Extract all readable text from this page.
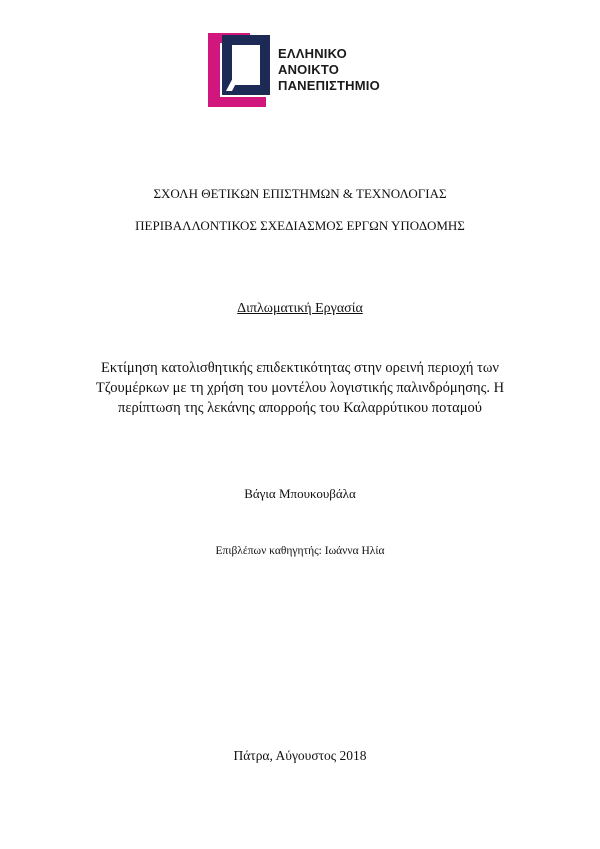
ΕΛΛΗΝΙΚΟ
ΑΝΟΙΚΤΟ
ΠΑΝΕΠΙΣΤΗΜΙΟ
ΣΧΟΛΗ ΘΕΤΙΚΩΝ ΕΠΙΣΤΗΜΩΝ & ΤΕΧΝΟΛΟΓΙΑΣ
ΠΕΡΙΒΑΛΛΟΝΤΙΚΟΣ ΣΧΕΔΙΑΣΜΟΣ ΕΡΓΩΝ ΥΠΟΔΟΜΗΣ
Διπλωματική Εργασία
Εκτίμηση κατολισθητικής επιδεκτικότητας στην ορεινή περιοχή των
Τζουμέρκων με τη χρήση του μοντέλου λογιστικής παλινδρόμησης. Η
περίπτωση της λεκάνης απορροής του Καλαρρύτικου ποταμού
Βάγια Μπουκουβάλα
Επιβλέπων καθηγητής: Ιωάννα Ηλία
Πάτρα, Αύγουστος 2018
